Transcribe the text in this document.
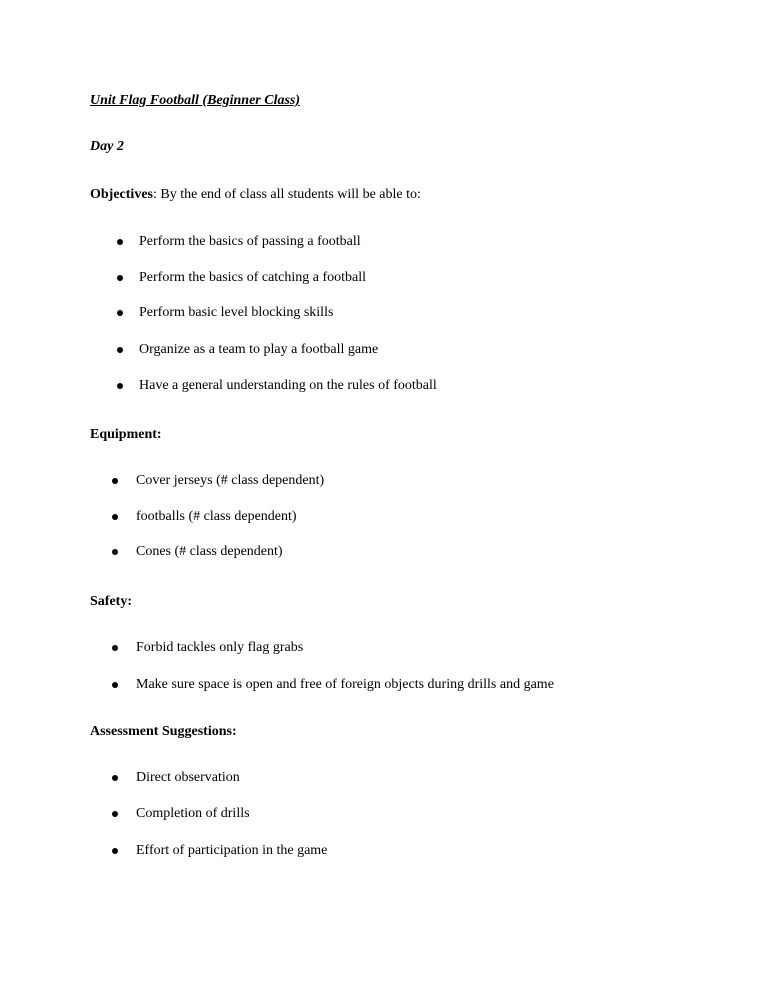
Unit Flag Football (Beginner Class)
Day 2
Objectives: By the end of class all students will be able to:
Perform the basics of passing a football
Perform the basics of catching a football
Perform basic level blocking skills
Organize as a team to play a football game
Have a general understanding on the rules of football
Equipment:
Cover jerseys (# class dependent)
footballs (# class dependent)
Cones (# class dependent)
Safety:
Forbid tackles only flag grabs
Make sure space is open and free of foreign objects during drills and game
Assessment Suggestions:
Direct observation
Completion of drills
Effort of participation in the game
